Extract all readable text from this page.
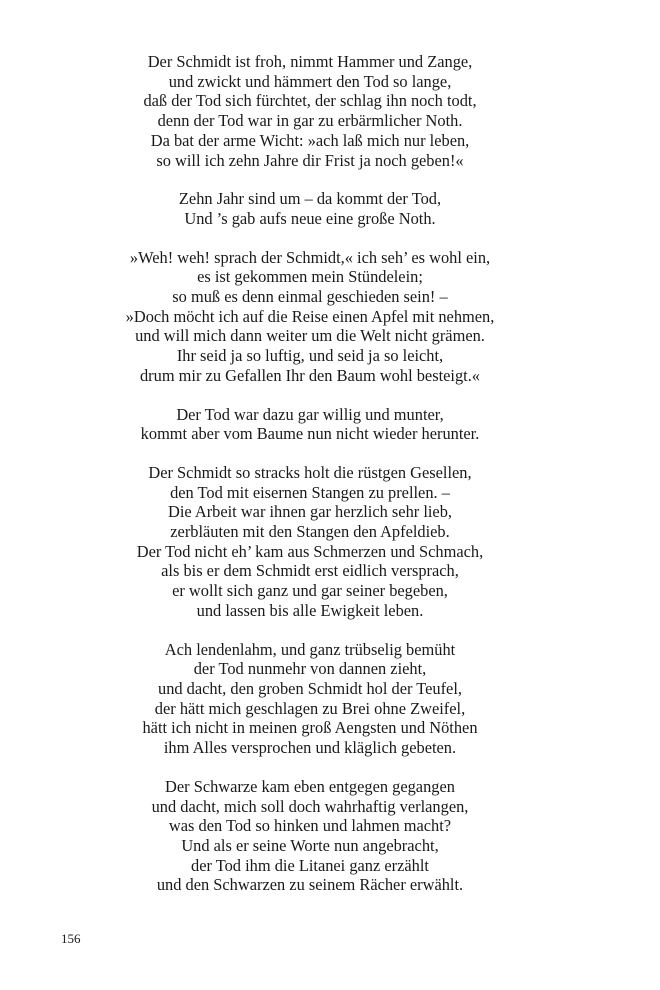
Der Schmidt ist froh, nimmt Hammer und Zange,
und zwickt und hämmert den Tod so lange,
daß der Tod sich fürchtet, der schlag ihn noch todt,
denn der Tod war in gar zu erbärmlicher Noth.
Da bat der arme Wicht: »ach laß mich nur leben,
so will ich zehn Jahre dir Frist ja noch geben!«
Zehn Jahr sind um – da kommt der Tod,
Und ’s gab aufs neue eine große Noth.
»Weh! weh! sprach der Schmidt,« ich seh’ es wohl ein,
es ist gekommen mein Stündelein;
so muß es denn einmal geschieden sein! –
»Doch möcht ich auf die Reise einen Apfel mit nehmen,
und will mich dann weiter um die Welt nicht grämen.
Ihr seid ja so luftig, und seid ja so leicht,
drum mir zu Gefallen Ihr den Baum wohl besteigt.«
Der Tod war dazu gar willig und munter,
kommt aber vom Baume nun nicht wieder herunter.
Der Schmidt so stracks holt die rüstgen Gesellen,
den Tod mit eisernen Stangen zu prellen. –
Die Arbeit war ihnen gar herzlich sehr lieb,
zerbläuten mit den Stangen den Apfeldieb.
Der Tod nicht eh’ kam aus Schmerzen und Schmach,
als bis er dem Schmidt erst eidlich versprach,
er wollt sich ganz und gar seiner begeben,
und lassen bis alle Ewigkeit leben.
Ach lendenlahm, und ganz trübselig bemüht
der Tod nunmehr von dannen zieht,
und dacht, den groben Schmidt hol der Teufel,
der hätt mich geschlagen zu Brei ohne Zweifel,
hätt ich nicht in meinen groß Aengsten und Nöthen
ihm Alles versprochen und kläglich gebeten.
Der Schwarze kam eben entgegen gegangen
und dacht, mich soll doch wahrhaftig verlangen,
was den Tod so hinken und lahmen macht?
Und als er seine Worte nun angebracht,
der Tod ihm die Litanei ganz erzählt
und den Schwarzen zu seinem Rächer erwählt.
156
